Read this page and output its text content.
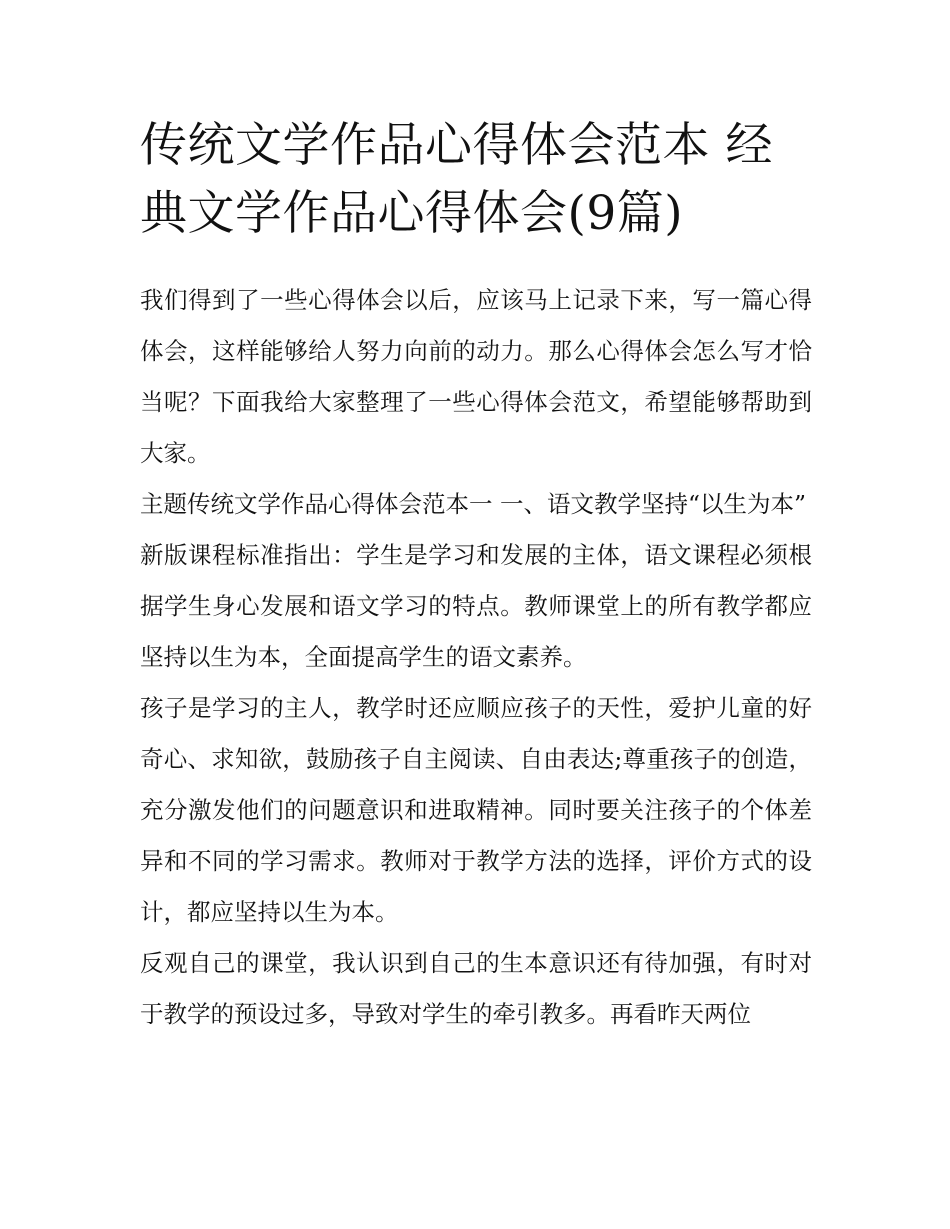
传统文学作品心得体会范本 经典文学作品心得体会(9篇)

我们得到了一些心得体会以后，应该马上记录下来，写一篇心得体会，这样能够给人努力向前的动力。那么心得体会怎么写才恰当呢？下面我给大家整理了一些心得体会范文，希望能够帮助到大家。

主题传统文学作品心得体会范本一 一、语文教学坚持“以生为本”

新版课程标准指出：学生是学习和发展的主体，语文课程必须根据学生身心发展和语文学习的特点。教师课堂上的所有教学都应坚持以生为本，全面提高学生的语文素养。

孩子是学习的主人，教学时还应顺应孩子的天性，爱护儿童的好奇心、求知欲，鼓励孩子自主阅读、自由表达;尊重孩子的创造，充分激发他们的问题意识和进取精神。同时要关注孩子的个体差异和不同的学习需求。教师对于教学方法的选择，评价方式的设计，都应坚持以生为本。

反观自己的课堂，我认识到自己的生本意识还有待加强，有时对于教学的预设过多，导致对学生的牵引教多。再看昨天两位
